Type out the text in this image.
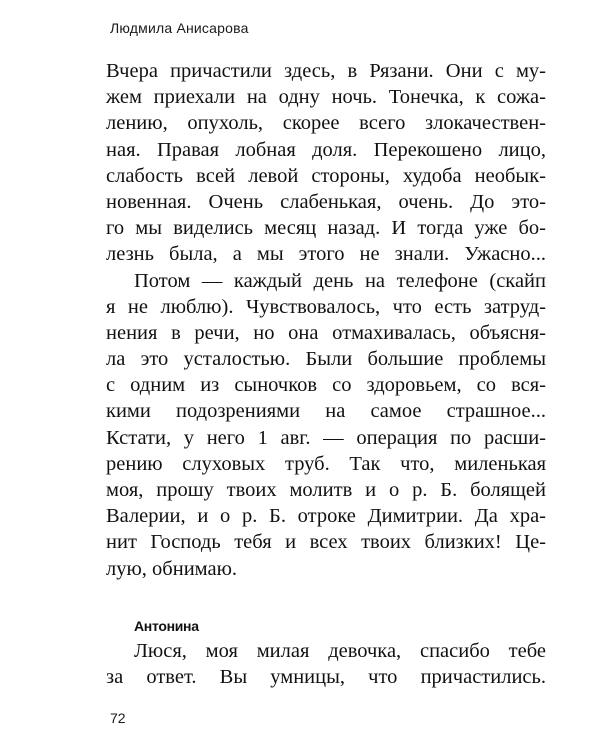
Людмила Анисарова
Вчера причастили здесь, в Рязани. Они с му-
жем приехали на одну ночь. Тонечка, к сожа-
лению, опухоль, скорее всего злокачествен-
ная. Правая лобная доля. Перекошено лицо,
слабость всей левой стороны, худоба необык-
новенная. Очень слабенькая, очень. До это-
го мы виделись месяц назад. И тогда уже бо-
лезнь была, а мы этого не знали. Ужасно...
Потом — каждый день на телефоне (скайп
я не люблю). Чувствовалось, что есть затруд-
нения в речи, но она отмахивалась, объясня-
ла это усталостью. Были большие проблемы
с одним из сыночков со здоровьем, со вся-
кими подозрениями на самое страшное...
Кстати, у него 1 авг. — операция по расши-
рению слуховых труб. Так что, миленькая
моя, прошу твоих молитв и о р. Б. болящей
Валерии, и о р. Б. отроке Димитрии. Да хра-
нит Господь тебя и всех твоих близких! Це-
лую, обнимаю.
Антонина
Люся, моя милая девочка, спасибо тебе
за ответ. Вы умницы, что причастились.
72
